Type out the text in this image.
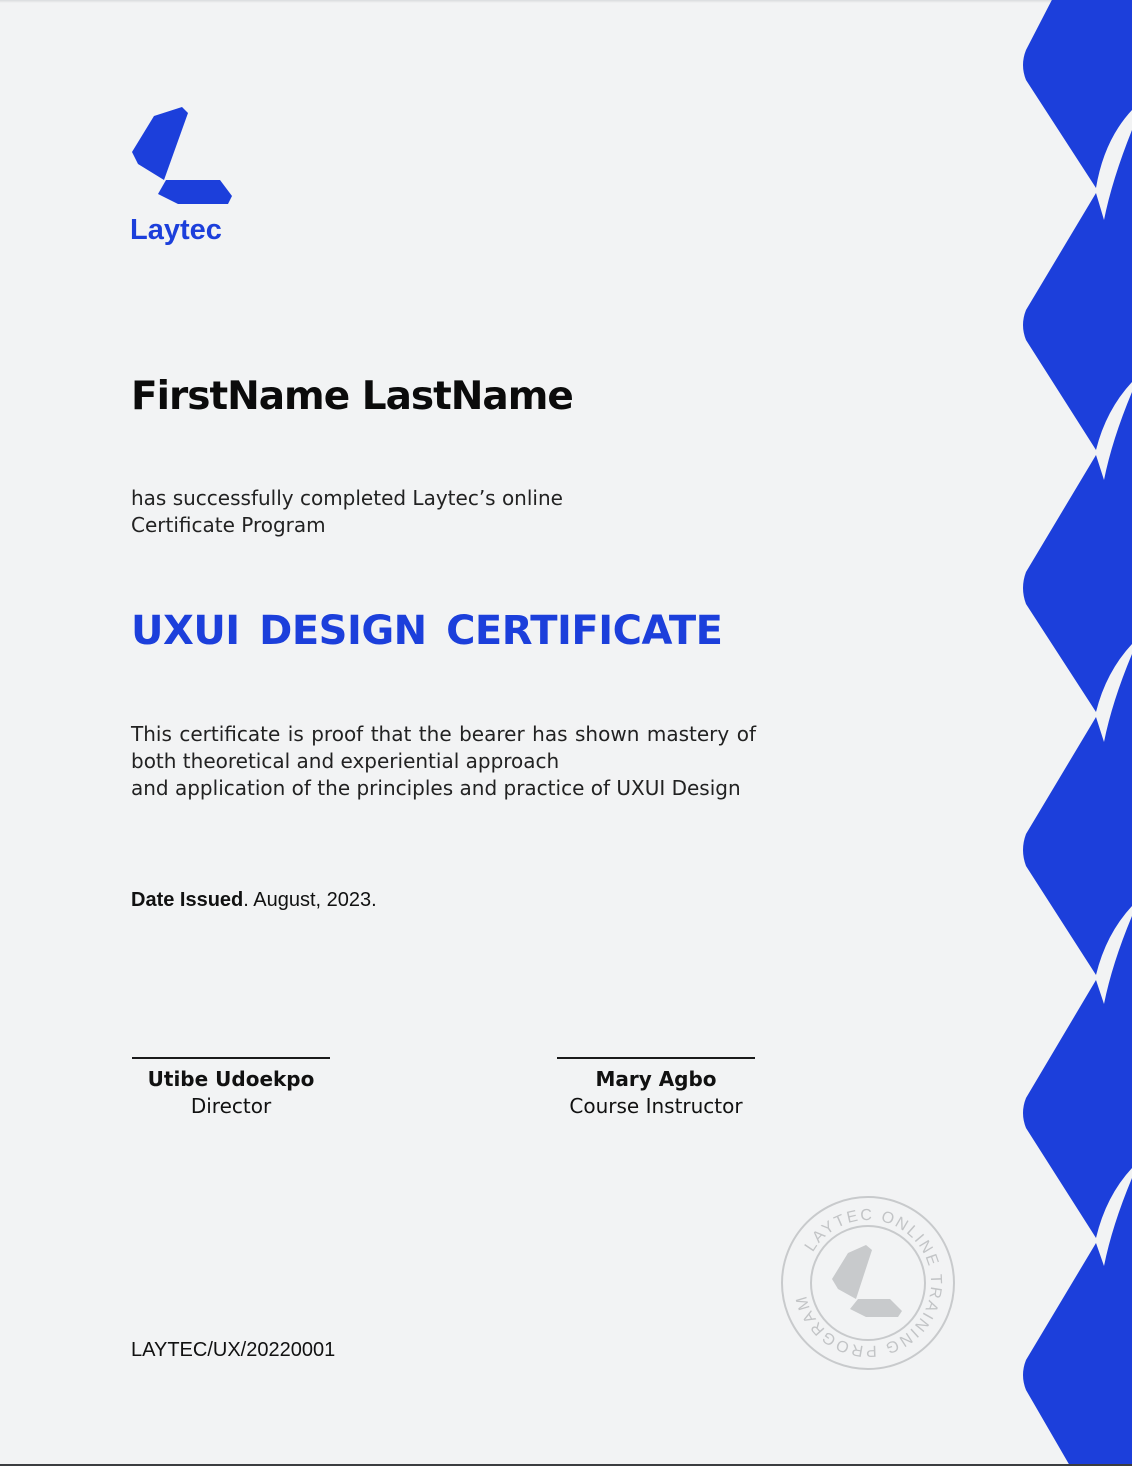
Laytec
FirstName LastName
has successfully completed Laytec’s online Certificate Program
UXUI DESIGN CERTIFICATE
This certificate is proof that the bearer has shown mastery of both theoretical and experiential approach
and application of the principles and practice of UXUI Design
Date Issued. August, 2023.
Utibe Udoekpo
Director
Mary Agbo
Course Instructor
LAYTEC/UX/20220001
LAYTEC ONLINE TRAINING PROGRAM
